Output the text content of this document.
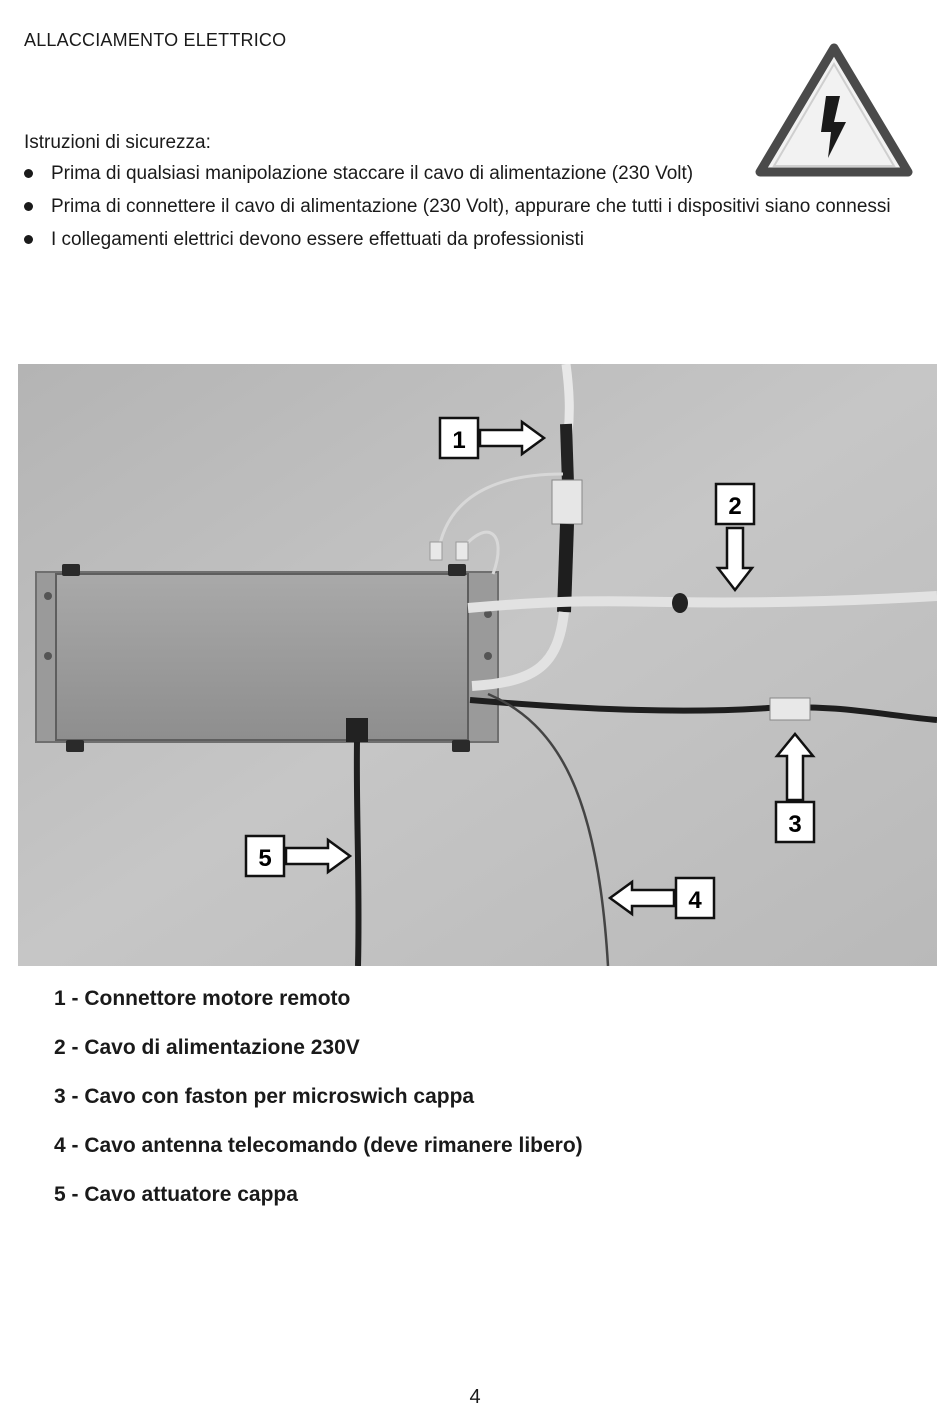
ALLACCIAMENTO ELETTRICO
Istruzioni di sicurezza:
Prima di qualsiasi manipolazione staccare il cavo di alimentazione (230 Volt)
Prima di connettere il cavo di alimentazione (230 Volt), appurare che tutti i dispositivi siano connessi
I collegamenti elettrici devono essere effettuati da professionisti
1
2
3
4
5
1 - Connettore motore remoto
2 - Cavo di alimentazione 230V
3 - Cavo con faston per microswich cappa
4 - Cavo antenna telecomando (deve rimanere libero)
5 - Cavo attuatore cappa
4
